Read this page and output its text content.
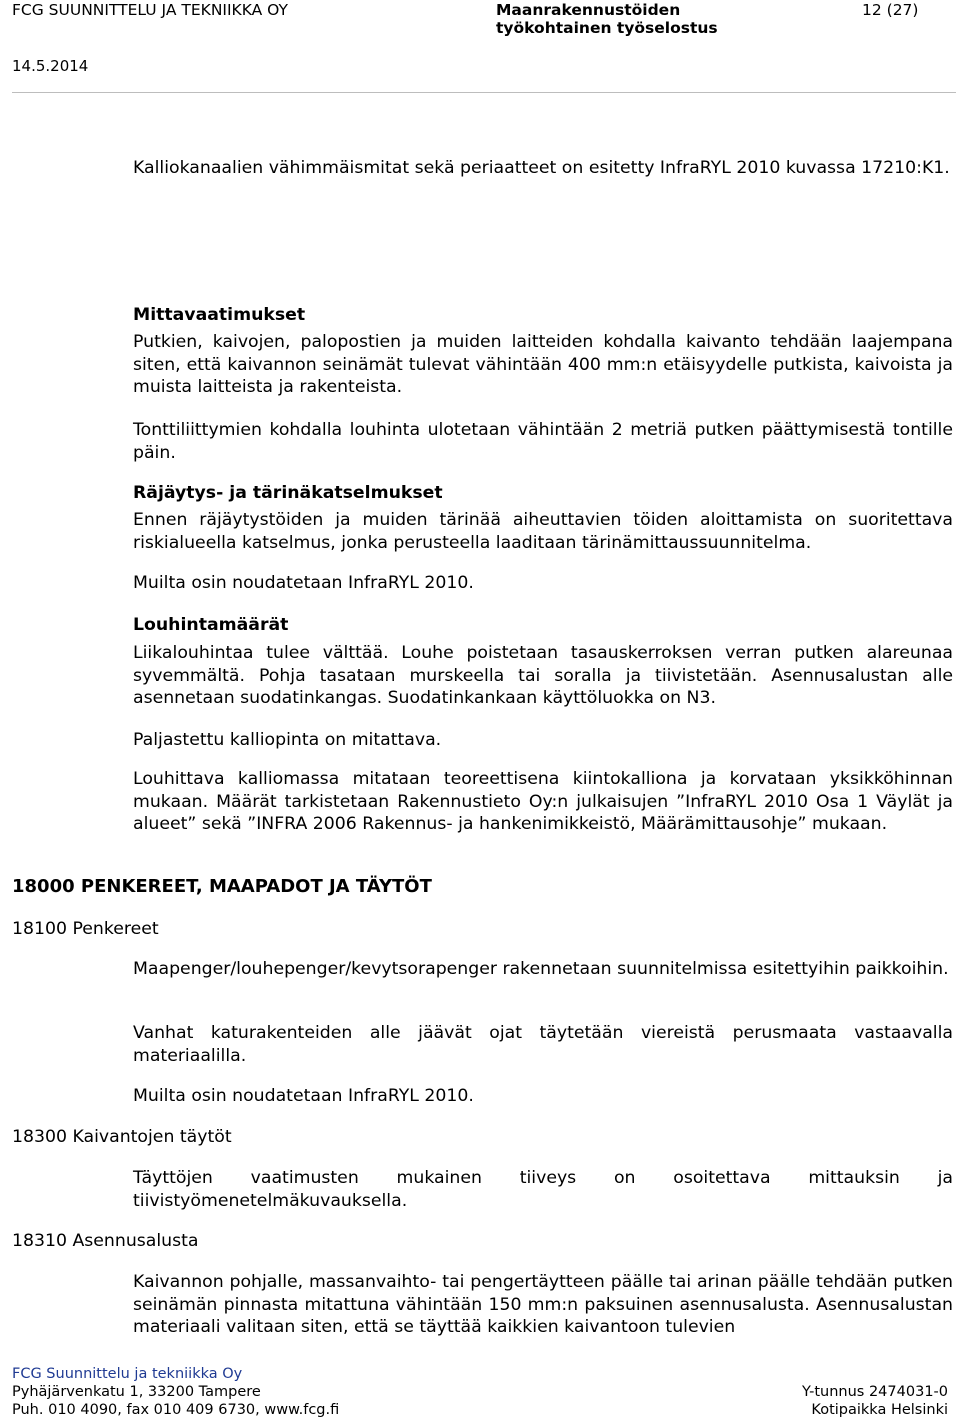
FCG SUUNNITTELU JA TEKNIIKKA OY	Maanrakennustöiden
työkohtainen työselostus
12 (27)
14.5.2014
Kalliokanaalien vähimmäismitat sekä periaatteet on esitetty InfraRYL 2010 kuvassa 17210:K1.
Mittavaatimukset
Putkien, kaivojen, palopostien ja muiden laitteiden kohdalla kaivanto tehdään laajempana siten, että kaivannon seinämät tulevat vähintään 400 mm:n etäisyydelle putkista, kaivoista ja muista laitteista ja rakenteista.
Tonttiliittymien kohdalla louhinta ulotetaan vähintään 2 metriä putken päättymisestä tontille päin.
Räjäytys- ja tärinäkatselmukset
Ennen räjäytystöiden ja muiden tärinää aiheuttavien töiden aloittamista on suoritettava riskialueella katselmus, jonka perusteella laaditaan tärinämittaussuunnitelma.
Muilta osin noudatetaan InfraRYL 2010.
Louhintamäärät
Liikalouhintaa tulee välttää. Louhe poistetaan tasauskerroksen verran putken alareunaa syvemmältä. Pohja tasataan murskeella tai soralla ja tiivistetään. Asennusalustan alle asennetaan suodatinkangas. Suodatinkankaan käyttöluokka on N3.
Paljastettu kalliopinta on mitattava.
Louhittava kalliomassa mitataan teoreettisena kiintokalliona ja korvataan yksikköhinnan mukaan. Määrät tarkistetaan Rakennustieto Oy:n julkaisujen ”InfraRYL 2010 Osa 1 Väylät ja alueet” sekä ”INFRA 2006 Rakennus- ja hankenimikkeistö, Määrämittausohje” mukaan.
18000 PENKEREET, MAAPADOT JA TÄYTÖT
18100 Penkereet
Maapenger/louhepenger/kevytsorapenger rakennetaan suunnitelmissa esitettyihin paikkoihin.
Vanhat katurakenteiden alle jäävät ojat täytetään viereistä perusmaata vastaavalla materiaalilla.
Muilta osin noudatetaan InfraRYL 2010.
18300 Kaivantojen täytöt
Täyttöjen vaatimusten mukainen tiiveys on osoitettava mittauksin ja tiivistyömenetelmäkuvauksella.
18310 Asennusalusta
Kaivannon pohjalle, massanvaihto- tai pengertäytteen päälle tai arinan päälle tehdään putken seinämän pinnasta mitattuna vähintään 150 mm:n paksuinen asennusalusta. Asennusalustan materiaali valitaan siten, että se täyttää kaikkien kaivantoon tulevien
FCG Suunnittelu ja tekniikka Oy
Pyhäjärvenkatu 1, 33200 Tampere
Puh. 010 4090, fax 010 409 6730, www.fcg.fi
Y-tunnus 2474031-0
Kotipaikka Helsinki
